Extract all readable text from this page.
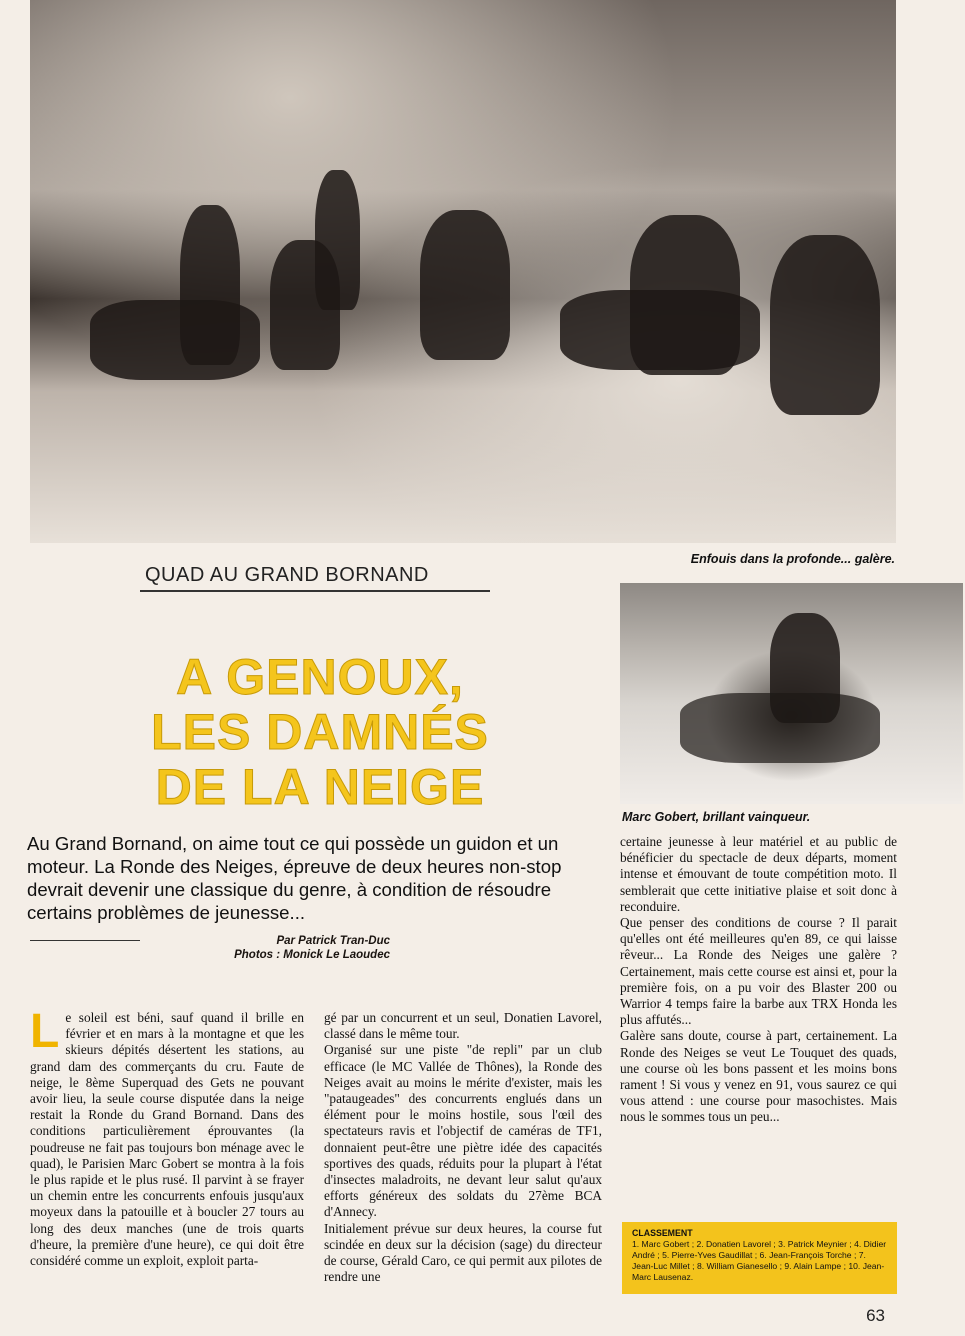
Enfouis dans la profonde... galère.
Marc Gobert, brillant vainqueur.
QUAD AU GRAND BORNAND
A GENOUX,
LES DAMNÉS
DE LA NEIGE
Au Grand Bornand, on aime tout ce qui possède un guidon et un moteur. La Ronde des Neiges, épreuve de deux heures non-stop devrait devenir une classique du genre, à condition de résoudre certains problèmes de jeunesse...
Par Patrick Tran-Duc
Photos : Monick Le Laoudec

Le soleil est béni, sauf quand il brille en février et en mars à la montagne et que les skieurs dépités désertent les stations, au grand dam des commerçants du cru. Faute de neige, le 8ème Superquad des Gets ne pouvant avoir lieu, la seule course disputée dans la neige restait la Ronde du Grand Bornand. Dans des conditions particulièrement éprouvantes (la poudreuse ne fait pas toujours bon ménage avec le quad), le Parisien Marc Gobert se montra à la fois le plus rapide et le plus rusé. Il parvint à se frayer un chemin entre les concurrents enfouis jusqu'aux moyeux dans la patouille et à boucler 27 tours au long des deux manches (une de trois quarts d'heure, la première d'une heure), ce qui doit être considéré comme un exploit, exploit parta-

gé par un concurrent et un seul, Donatien Lavorel, classé dans le même tour.

Organisé sur une piste "de repli" par un club efficace (le MC Vallée de Thônes), la Ronde des Neiges avait au moins le mérite d'exister, mais les "pataugeades" des concurrents englués dans un élément pour le moins hostile, sous l'œil des spectateurs ravis et l'objectif de caméras de TF1, donnaient peut-être une piètre idée des capacités sportives des quads, réduits pour la plupart à l'état d'insectes maladroits, ne devant leur salut qu'aux efforts généreux des soldats du 27ème BCA d'Annecy.

Initialement prévue sur deux heures, la course fut scindée en deux sur la décision (sage) du directeur de course, Gérald Caro, ce qui permit aux pilotes de rendre une

certaine jeunesse à leur matériel et au public de bénéficier du spectacle de deux départs, moment intense et émouvant de toute compétition moto. Il semblerait que cette initiative plaise et soit donc à reconduire.

Que penser des conditions de course ? Il parait qu'elles ont été meilleures qu'en 89, ce qui laisse rêveur... La Ronde des Neiges une galère ? Certainement, mais cette course est ainsi et, pour la première fois, on a pu voir des Blaster 200 ou Warrior 4 temps faire la barbe aux TRX Honda les plus affutés...

Galère sans doute, course à part, certainement. La Ronde des Neiges se veut Le Touquet des quads, une course où les bons passent et les moins bons rament ! Si vous y venez en 91, vous saurez ce qui vous attend : une course pour masochistes. Mais nous le sommes tous un peu...

CLASSEMENT
1. Marc Gobert ; 2. Donatien Lavorel ; 3. Patrick Meynier ; 4. Didier André ; 5. Pierre-Yves Gaudillat ; 6. Jean-François Torche ; 7. Jean-Luc Millet ; 8. William Gianesello ; 9. Alain Lampe ; 10. Jean-Marc Lausenaz.
63
